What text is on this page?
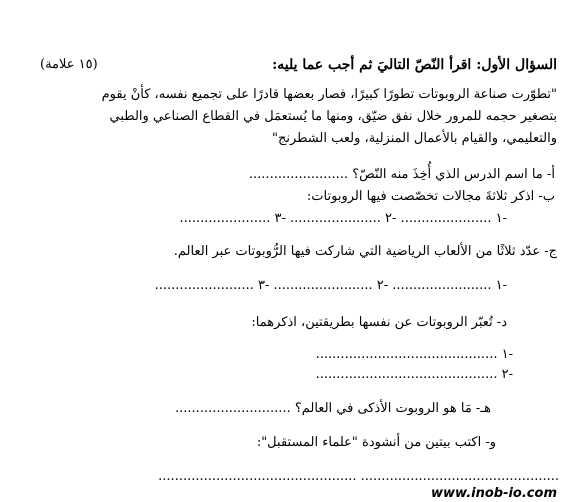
السؤال الأول: اقرأ النّصّ التاليَ ثم أجب عما يليه:
(١٥ علامة)
"تطوّرت صناعة الروبوتات تطورًا كبيرًا، فصار بعضها قادرًا على تجميع نفسه، كأنْ يقوم
بتصغير حجمه للمرور خلال نفق ضيّق، ومنها ما يُستعمَل في القطاع الصناعي والطبي
والتعليمي، والقيام بالأعمال المنزلية، ولعب الشطرنج"
أ- ما اسم الدرس الذي أُخِذَ منه النّصّ؟ ........................
ب- اذكر ثلاثةَ مجالات تخصّصت فيها الروبوتات:
-١ ...................... -٢ ...................... -٣ ......................
ج- عدّد ثلاثًا من الألعاب الرياضية التي شاركت فيها الرُّوبوتات عبر العالم.
-١ ........................ -٢ ........................ -٣ ........................
د- تُعبّر الروبوتات عن نفسها بطريقتين، اذكرهما:
-١ ............................................
-٢ ............................................
هـ- مَا هو الروبوت الأذكى في العالم؟ ............................
و- اكتب بيتين من أنشودة "علماء المستقبل":
................................................ ................................................
www.inob-io.com
